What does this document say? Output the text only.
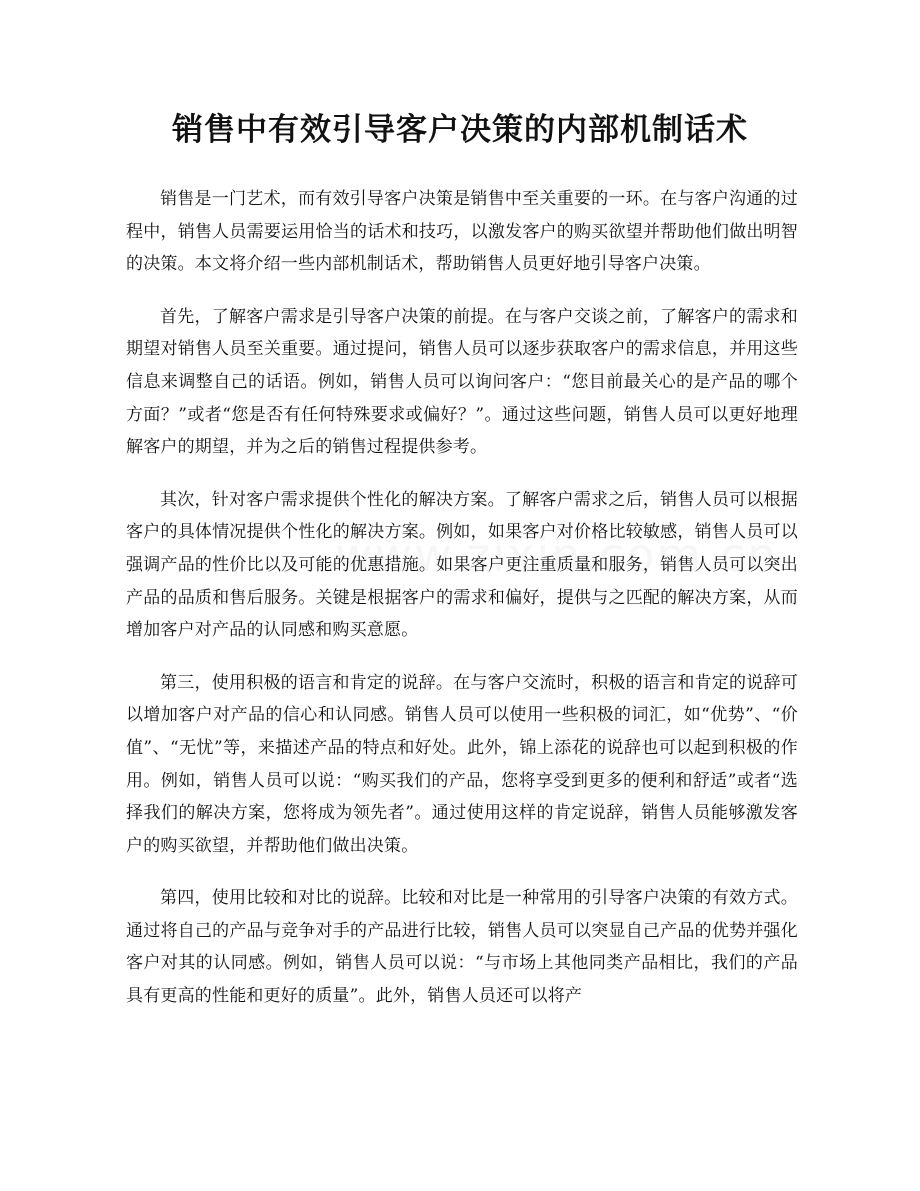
销售中有效引导客户决策的内部机制话术

销售是一门艺术，而有效引导客户决策是销售中至关重要的一环。在与客户沟通的过程中，销售人员需要运用恰当的话术和技巧，以激发客户的购买欲望并帮助他们做出明智的决策。本文将介绍一些内部机制话术，帮助销售人员更好地引导客户决策。

首先，了解客户需求是引导客户决策的前提。在与客户交谈之前，了解客户的需求和期望对销售人员至关重要。通过提问，销售人员可以逐步获取客户的需求信息，并用这些信息来调整自己的话语。例如，销售人员可以询问客户：“您目前最关心的是产品的哪个方面？”或者“您是否有任何特殊要求或偏好？”。通过这些问题，销售人员可以更好地理解客户的期望，并为之后的销售过程提供参考。

其次，针对客户需求提供个性化的解决方案。了解客户需求之后，销售人员可以根据客户的具体情况提供个性化的解决方案。例如，如果客户对价格比较敏感，销售人员可以强调产品的性价比以及可能的优惠措施。如果客户更注重质量和服务，销售人员可以突出产品的品质和售后服务。关键是根据客户的需求和偏好，提供与之匹配的解决方案，从而增加客户对产品的认同感和购买意愿。

第三，使用积极的语言和肯定的说辞。在与客户交流时，积极的语言和肯定的说辞可以增加客户对产品的信心和认同感。销售人员可以使用一些积极的词汇，如“优势”、“价值”、“无忧”等，来描述产品的特点和好处。此外，锦上添花的说辞也可以起到积极的作用。例如，销售人员可以说：“购买我们的产品，您将享受到更多的便利和舒适”或者“选择我们的解决方案，您将成为领先者”。通过使用这样的肯定说辞，销售人员能够激发客户的购买欲望，并帮助他们做出决策。

第四，使用比较和对比的说辞。比较和对比是一种常用的引导客户决策的有效方式。通过将自己的产品与竞争对手的产品进行比较，销售人员可以突显自己产品的优势并强化客户对其的认同感。例如，销售人员可以说：“与市场上其他同类产品相比，我们的产品具有更高的性能和更好的质量”。此外，销售人员还可以将产
